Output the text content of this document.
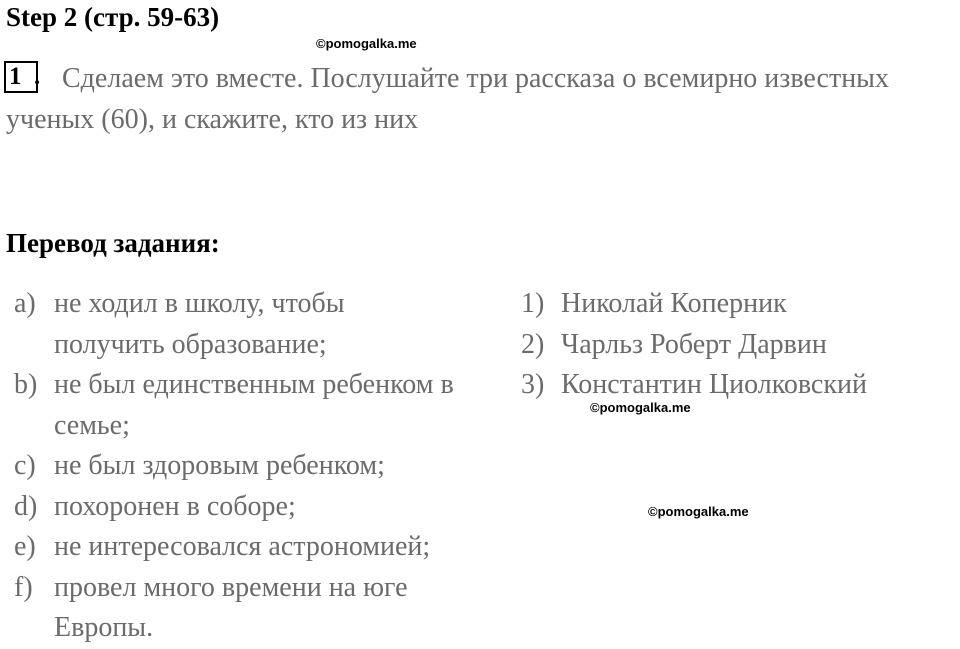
Step 2 (стр. 59-63)
©pomogalka.me
1 . Сделаем это вместе. Послушайте три рассказа о всемирно известных
ученых (60), и скажите, кто из них
Перевод задания:
a) не ходил в школу, чтобы
получить образование;
b) не был единственным ребенком в
семье;
c) не был здоровым ребенком;
d) похоронен в соборе;
e) не интересовался астрономией;
f) провел много времени на юге
Европы.
1) Николай Коперник
2) Чарльз Роберт Дарвин
3) Константин Циолковский
©pomogalka.me
©pomogalka.me
